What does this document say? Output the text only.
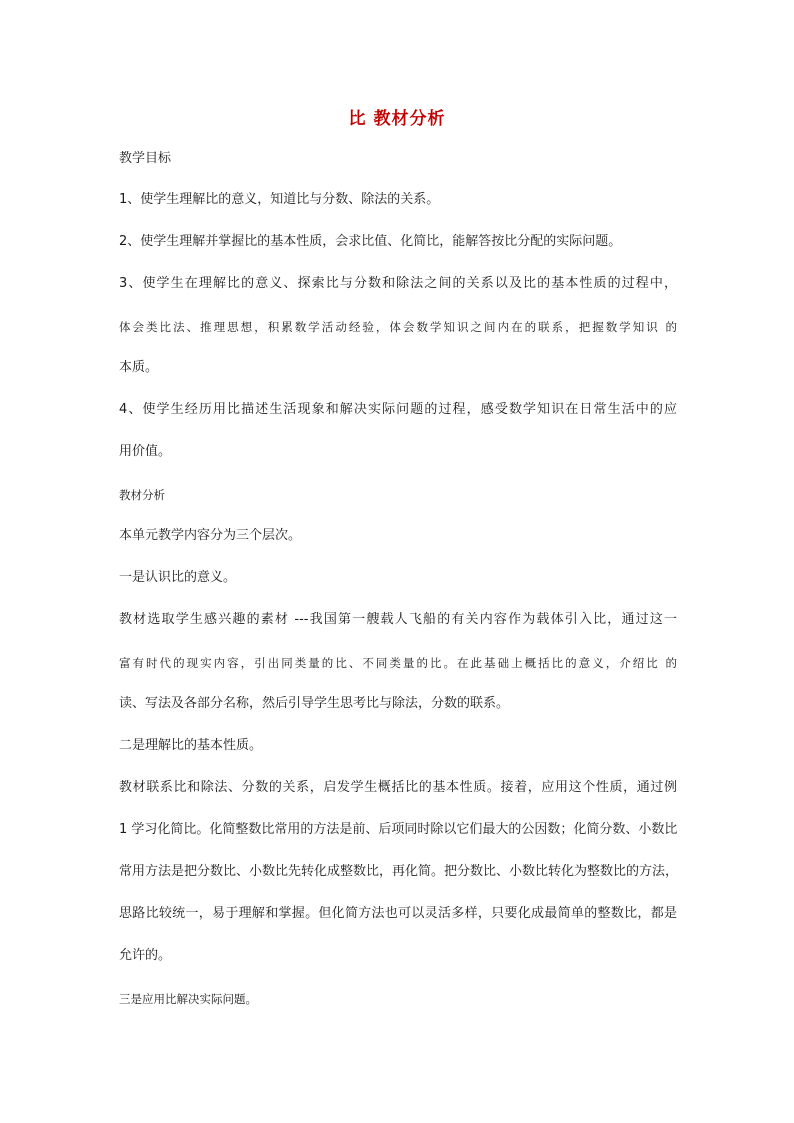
比 教材分析
教学目标
1、使学生理解比的意义，知道比与分数、除法的关系。
2、使学生理解并掌握比的基本性质，会求比值、化简比，能解答按比分配的实际问题。
3、使学生在理解比的意义、探索比与分数和除法之间的关系以及比的基本性质的过程中，
体会类比法、推理思想，积累数学活动经验，体会数学知识之间内在的联系，把握数学知识 的
本质。
4、使学生经历用比描述生活现象和解决实际问题的过程，感受数学知识在日常生活中的应
用价值。
教材分析
本单元教学内容分为三个层次。
一是认识比的意义。
教材选取学生感兴趣的素材 ---我国第一艘载人飞船的有关内容作为载体引入比，通过这一
富有时代的现实内容，引出同类量的比、不同类量的比。在此基础上概括比的意义，介绍比 的
读、写法及各部分名称，然后引导学生思考比与除法，分数的联系。
二是理解比的基本性质。
教材联系比和除法、分数的关系，启发学生概括比的基本性质。接着，应用这个性质，通过例
1 学习化简比。化简整数比常用的方法是前、后项同时除以它们最大的公因数；化简分数、小数比
常用方法是把分数比、小数比先转化成整数比，再化简。把分数比、小数比转化为整数比的方法，
思路比较统一，易于理解和掌握。但化简方法也可以灵活多样，只要化成最简单的整数比，都是
允许的。
三是应用比解决实际问题。
